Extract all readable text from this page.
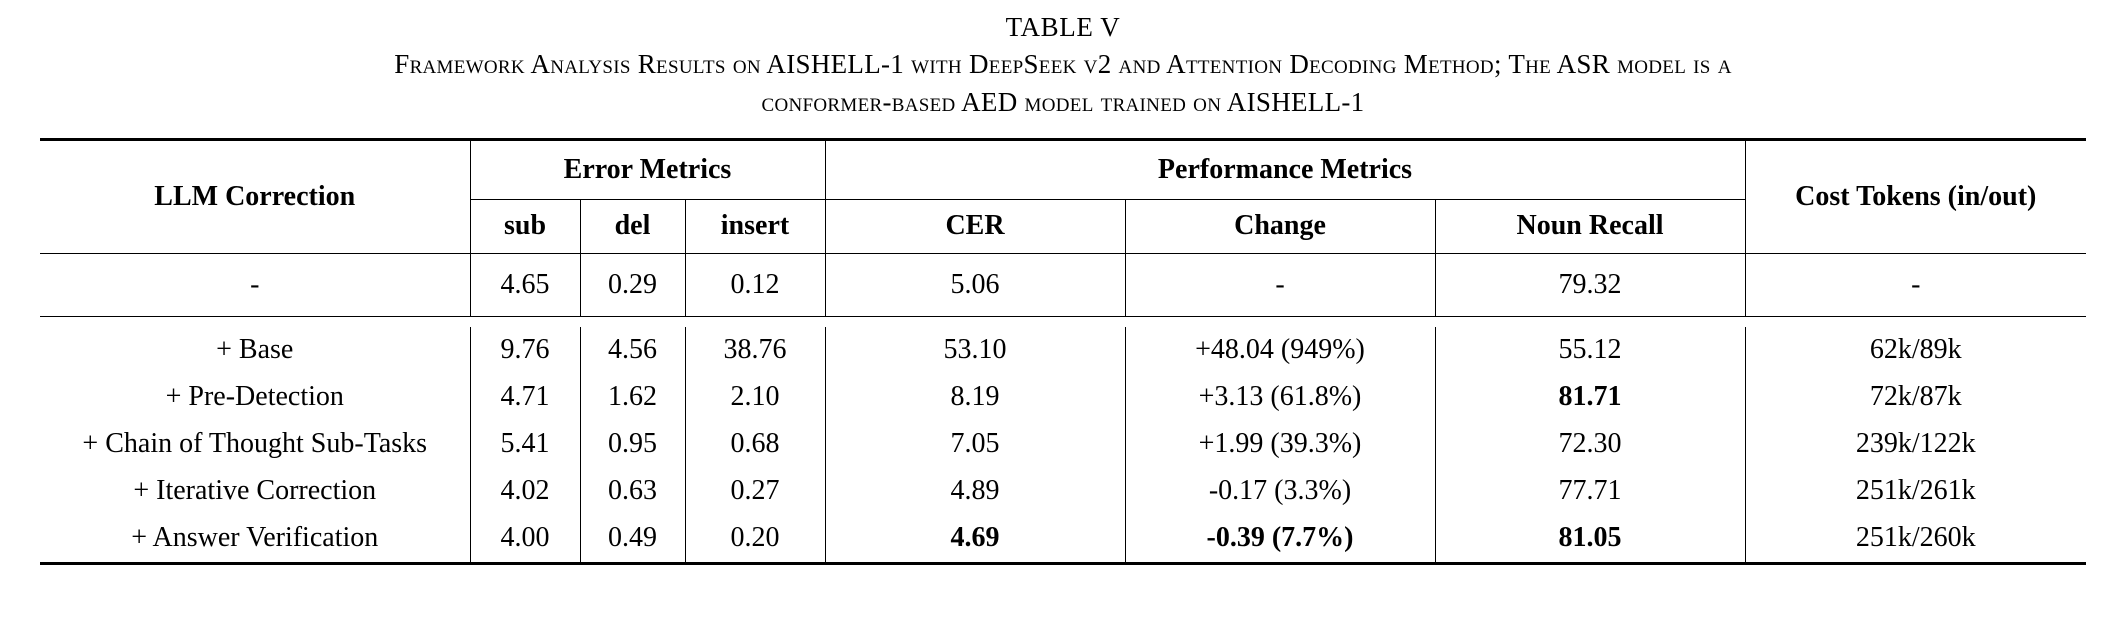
TABLE V
Framework Analysis Results on AISHELL-1 with DeepSeek v2 and Attention Decoding Method; The ASR model is a
conformer-based AED model trained on AISHELL-1

LLM Correction	Error Metrics			Performance Metrics			Cost Tokens (in/out)
	sub	del	insert	CER	Change	Noun Recall	

-	4.65	0.29	0.12	5.06	-	79.32	-

+ Base	9.76	4.56	38.76	53.10	+48.04 (949%)	55.12	62k/89k
+ Pre-Detection	4.71	1.62	2.10	8.19	+3.13 (61.8%)	81.71	72k/87k
+ Chain of Thought Sub-Tasks	5.41	0.95	0.68	7.05	+1.99 (39.3%)	72.30	239k/122k
+ Iterative Correction	4.02	0.63	0.27	4.89	-0.17 (3.3%)	77.71	251k/261k
+ Answer Verification	4.00	0.49	0.20	4.69	-0.39 (7.7%)	81.05	251k/260k
